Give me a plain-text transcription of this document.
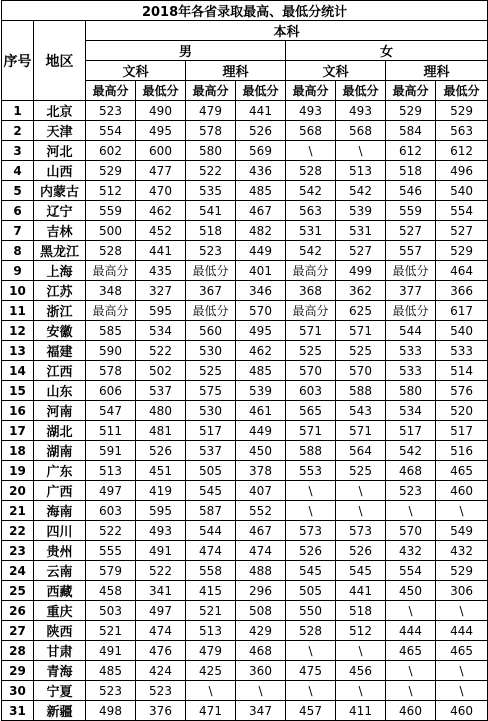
2018年各省录取最高、最低分统计									
序号	地区	本科							
		男				女			
		文科		理科		文科		理科	
		最高分	最低分	最高分	最低分	最高分	最低分	最高分	最低分
1	北京	523	490	479	441	493	493	529	529
2	天津	554	495	578	526	568	568	584	563
3	河北	602	600	580	569	\	\	612	612
4	山西	529	477	522	436	528	513	518	496
5	内蒙古	512	470	535	485	542	542	546	540
6	辽宁	559	462	541	467	563	539	559	554
7	吉林	500	452	518	482	531	531	527	527
8	黑龙江	528	441	523	449	542	527	557	529
9	上海	最高分	435	最低分	401	最高分	499	最低分	464
10	江苏	348	327	367	346	368	362	377	366
11	浙江	最高分	595	最低分	570	最高分	625	最低分	617
12	安徽	585	534	560	495	571	571	544	540
13	福建	590	522	530	462	525	525	533	533
14	江西	578	502	525	485	570	570	533	514
15	山东	606	537	575	539	603	588	580	576
16	河南	547	480	530	461	565	543	534	520
17	湖北	511	481	517	449	571	571	517	517
18	湖南	591	526	537	450	588	564	542	516
19	广东	513	451	505	378	553	525	468	465
20	广西	497	419	545	407	\	\	523	460
21	海南	603	595	587	552	\	\	\	\
22	四川	522	493	544	467	573	573	570	549
23	贵州	555	491	474	474	526	526	432	432
24	云南	579	522	558	488	545	545	554	529
25	西藏	458	341	415	296	505	441	450	306
26	重庆	503	497	521	508	550	518	\	\
27	陕西	521	474	513	429	528	512	444	444
28	甘肃	491	476	479	468	\	\	465	465
29	青海	485	424	425	360	475	456	\	\
30	宁夏	523	523	\	\	\	\	\	\
31	新疆	498	376	471	347	457	411	460	460
